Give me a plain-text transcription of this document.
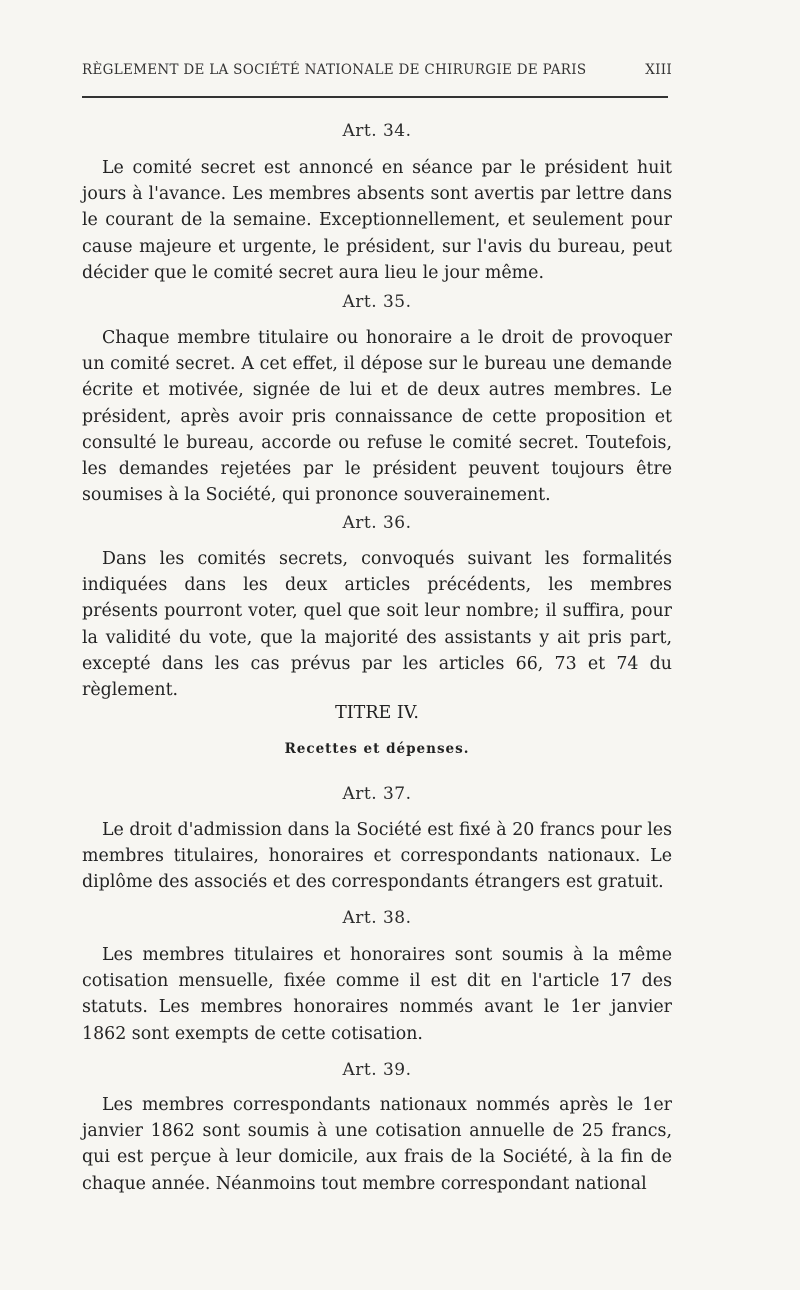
RÈGLEMENT DE LA SOCIÉTÉ NATIONALE DE CHIRURGIE DE PARIS	XIII
Art. 34.

Le comité secret est annoncé en séance par le président huit jours à l'avance. Les membres absents sont avertis par lettre dans le courant de la semaine. Exceptionnellement, et seulement pour cause majeure et urgente, le président, sur l'avis du bureau, peut décider que le comité secret aura lieu le jour même.

Art. 35.

Chaque membre titulaire ou honoraire a le droit de provoquer un comité secret. A cet effet, il dépose sur le bureau une demande écrite et motivée, signée de lui et de deux autres membres. Le président, après avoir pris connaissance de cette proposition et consulté le bureau, accorde ou refuse le comité secret. Toutefois, les demandes rejetées par le président peuvent toujours être soumises à la Société, qui prononce souverainement.

Art. 36.

Dans les comités secrets, convoqués suivant les formalités indiquées dans les deux articles précédents, les membres présents pourront voter, quel que soit leur nombre; il suffira, pour la validité du vote, que la majorité des assistants y ait pris part, excepté dans les cas prévus par les articles 66, 73 et 74 du règlement.

TITRE IV.
Recettes et dépenses.
Art. 37.

Le droit d'admission dans la Société est fixé à 20 francs pour les membres titulaires, honoraires et correspondants nationaux. Le diplôme des associés et des correspondants étrangers est gratuit.

Art. 38.

Les membres titulaires et honoraires sont soumis à la même cotisation mensuelle, fixée comme il est dit en l'article 17 des statuts. Les membres honoraires nommés avant le 1er janvier 1862 sont exempts de cette cotisation.

Art. 39.

Les membres correspondants nationaux nommés après le 1er janvier 1862 sont soumis à une cotisation annuelle de 25 francs, qui est perçue à leur domicile, aux frais de la Société, à la fin de chaque année. Néanmoins tout membre correspondant national
